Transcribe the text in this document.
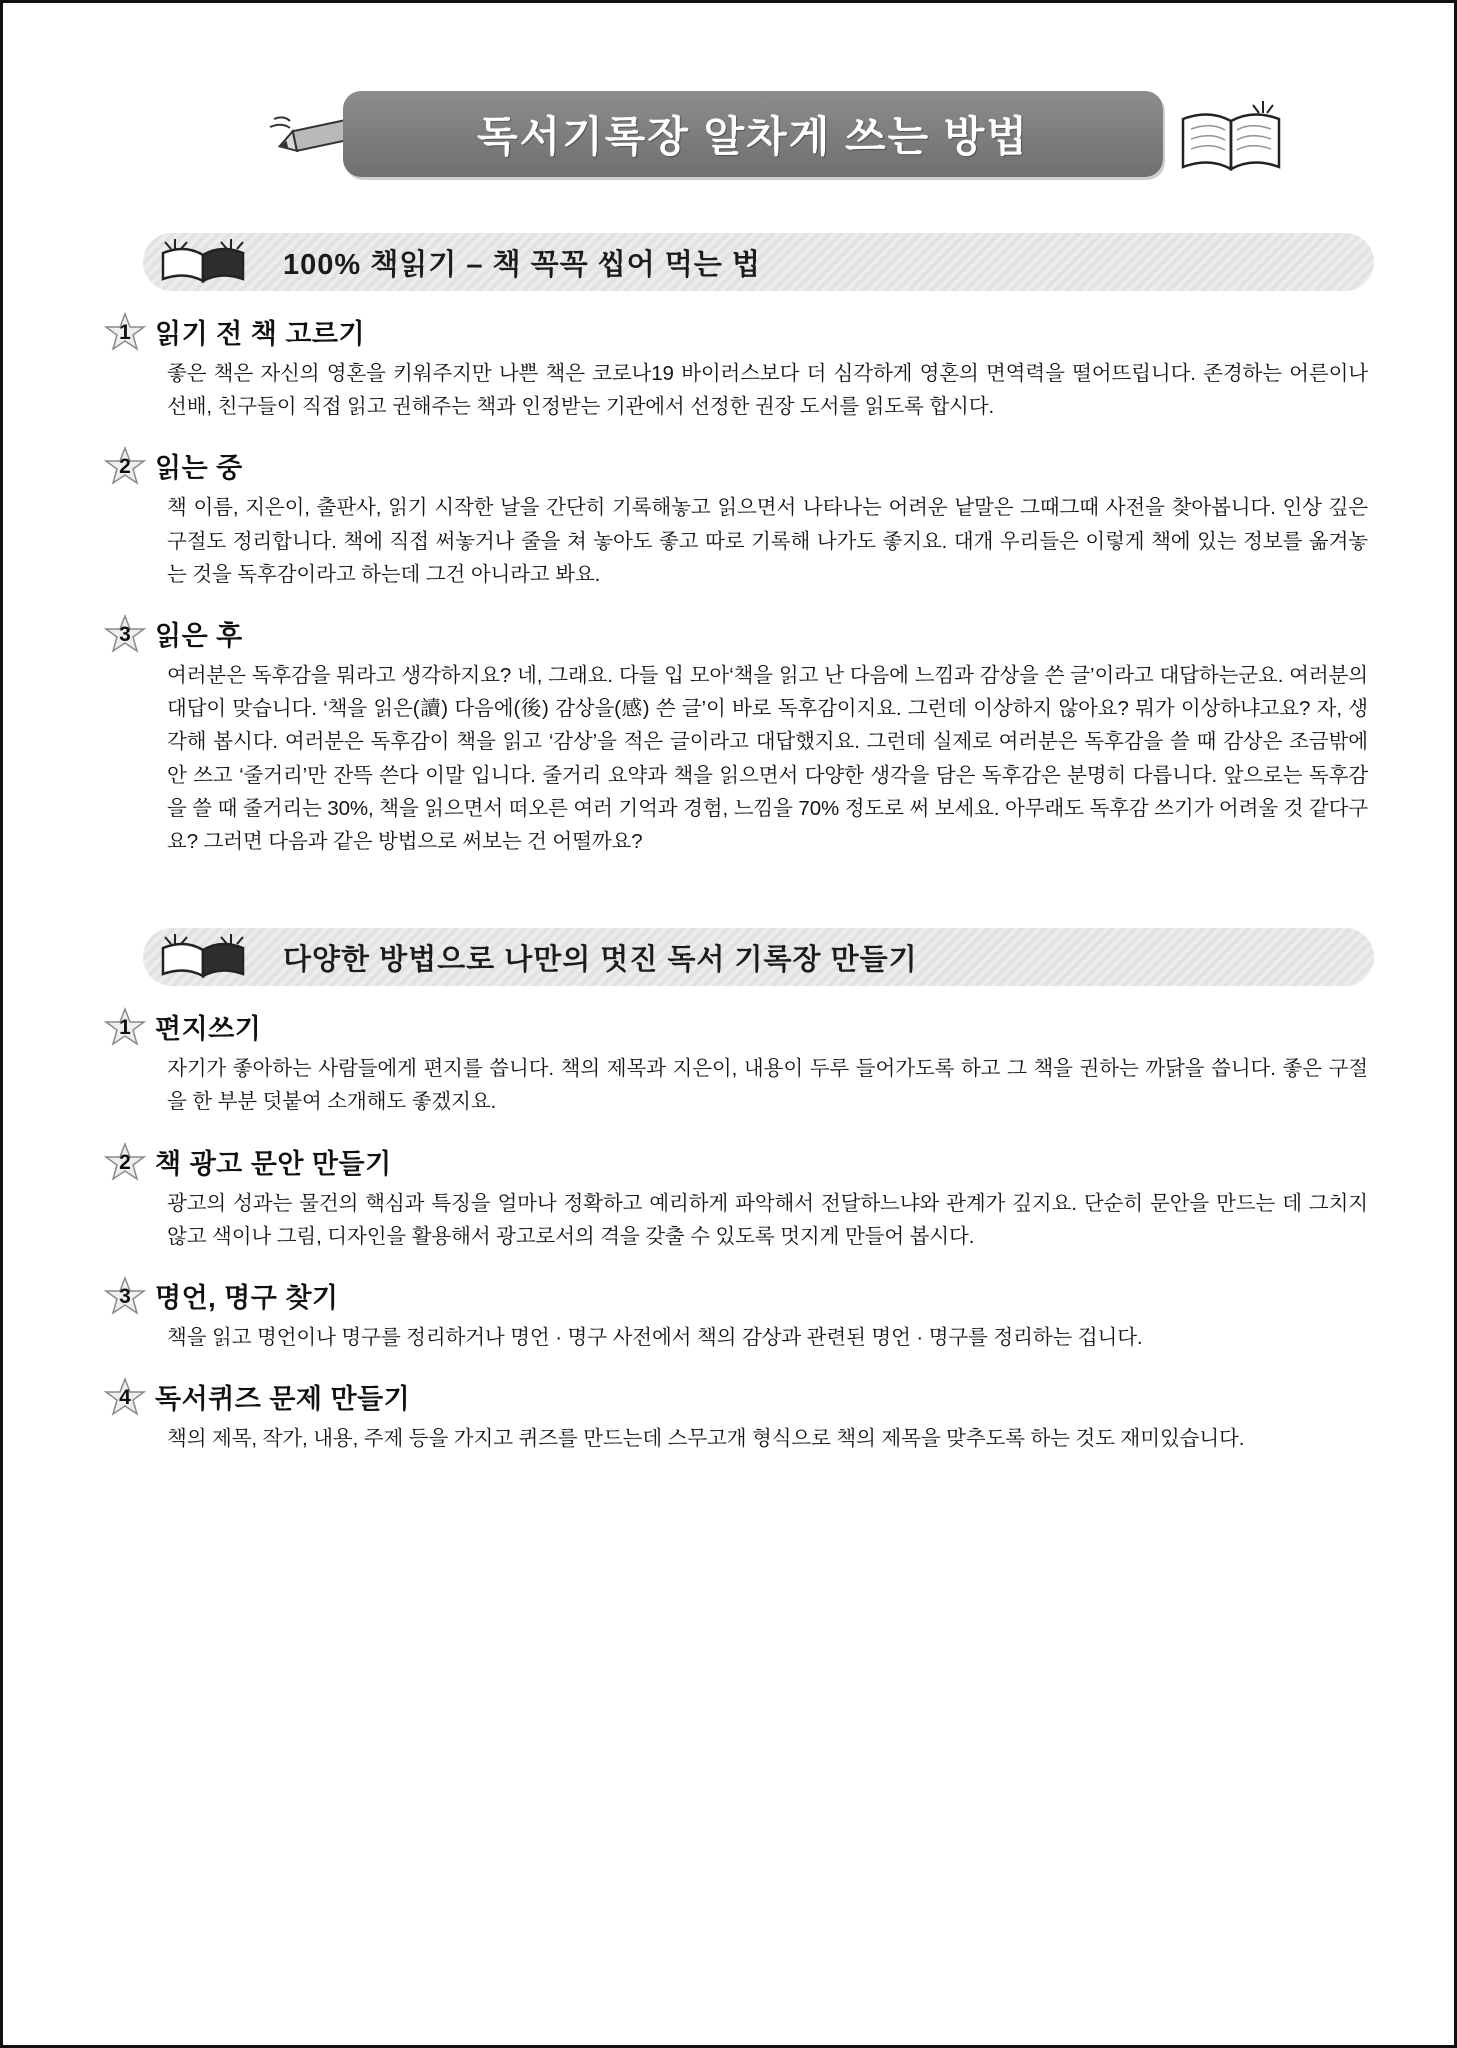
독서기록장 알차게 쓰는 방법
100% 책읽기 – 책 꼭꼭 씹어 먹는 법
1 읽기 전 책 고르기
좋은 책은 자신의 영혼을 키워주지만 나쁜 책은 코로나19 바이러스보다 더 심각하게 영혼의 면역력을 떨어뜨립니다. 존경하는 어른이나 선배, 친구들이 직접 읽고 권해주는 책과 인정받는 기관에서 선정한 권장 도서를 읽도록 합시다.
2 읽는 중
책 이름, 지은이, 출판사, 읽기 시작한 날을 간단히 기록해놓고 읽으면서 나타나는 어려운 낱말은 그때그때 사전을 찾아봅니다. 인상 깊은 구절도 정리합니다. 책에 직접 써놓거나 줄을 쳐 놓아도 좋고 따로 기록해 나가도 좋지요. 대개 우리들은 이렇게 책에 있는 정보를 옮겨놓는 것을 독후감이라고 하는데 그건 아니라고 봐요.
3 읽은 후
여러분은 독후감을 뭐라고 생각하지요? 네, 그래요. 다들 입 모아‘책을 읽고 난 다음에 느낌과 감상을 쓴 글’이라고 대답하는군요. 여러분의 대답이 맞습니다. ‘책을 읽은(讀) 다음에(後) 감상을(感) 쓴 글’이 바로 독후감이지요. 그런데 이상하지 않아요? 뭐가 이상하냐고요? 자, 생각해 봅시다. 여러분은 독후감이 책을 읽고 ‘감상’을 적은 글이라고 대답했지요. 그런데 실제로 여러분은 독후감을 쓸 때 감상은 조금밖에 안 쓰고 ‘줄거리’만 잔뜩 쓴다 이말 입니다. 줄거리 요약과 책을 읽으면서 다양한 생각을 담은 독후감은 분명히 다릅니다. 앞으로는 독후감을 쓸 때 줄거리는 30%, 책을 읽으면서 떠오른 여러 기억과 경험, 느낌을 70% 정도로 써 보세요. 아무래도 독후감 쓰기가 어려울 것 같다구요? 그러면 다음과 같은 방법으로 써보는 건 어떨까요?
다양한 방법으로 나만의 멋진 독서 기록장 만들기
1 편지쓰기
자기가 좋아하는 사람들에게 편지를 씁니다. 책의 제목과 지은이, 내용이 두루 들어가도록 하고 그 책을 권하는 까닭을 씁니다. 좋은 구절을 한 부분 덧붙여 소개해도 좋겠지요.
2 책 광고 문안 만들기
광고의 성과는 물건의 핵심과 특징을 얼마나 정확하고 예리하게 파악해서 전달하느냐와 관계가 깊지요. 단순히 문안을 만드는 데 그치지 않고 색이나 그림, 디자인을 활용해서 광고로서의 격을 갖출 수 있도록 멋지게 만들어 봅시다.
3 명언, 명구 찾기
책을 읽고 명언이나 명구를 정리하거나 명언 · 명구 사전에서 책의 감상과 관련된 명언 · 명구를 정리하는 겁니다.
4 독서퀴즈 문제 만들기
책의 제목, 작가, 내용, 주제 등을 가지고 퀴즈를 만드는데 스무고개 형식으로 책의 제목을 맞추도록 하는 것도 재미있습니다.
